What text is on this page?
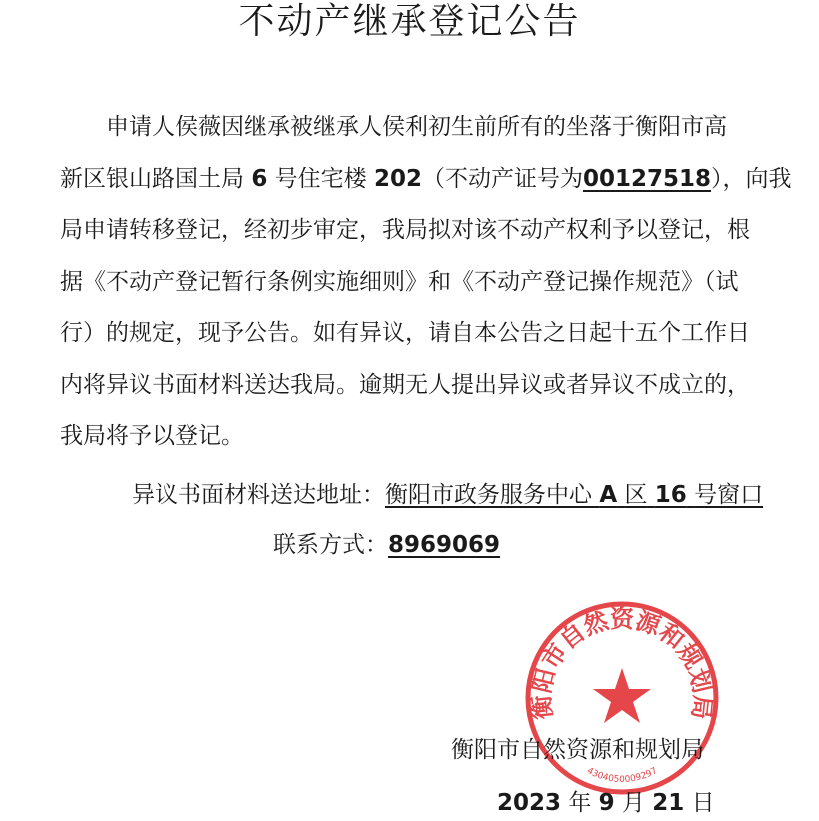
不动产继承登记公告
申请人侯薇因继承被继承人侯利初生前所有的坐落于衡阳市高
新区银山路国土局 6 号住宅楼 202（不动产证号为00127518），向我
局申请转移登记，经初步审定，我局拟对该不动产权利予以登记，根
据《不动产登记暂行条例实施细则》和《不动产登记操作规范》（试
行）的规定，现予公告。如有异议，请自本公告之日起十五个工作日
内将异议书面材料送达我局。逾期无人提出异议或者异议不成立的，
我局将予以登记。
异议书面材料送达地址：衡阳市政务服务中心 A 区 16 号窗口
联系方式：8969069
衡阳市自然资源和规划局
4304050009297
衡阳市自然资源和规划局
2023 年 9 月 21 日
